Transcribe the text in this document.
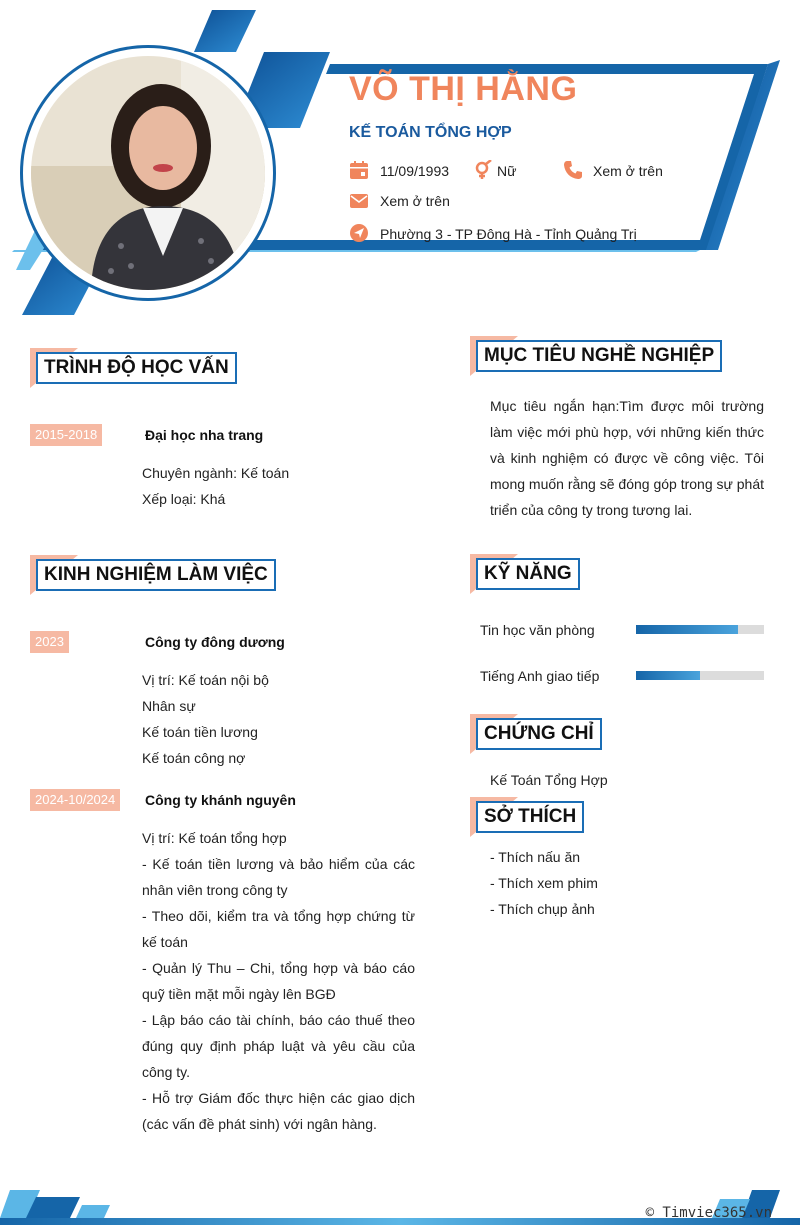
VÕ THỊ HẰNG
KẾ TOÁN TỔNG HỢP
11/09/1993	Nữ	Xem ở trên
Xem ở trên
Phường 3 - TP Đông Hà - Tỉnh Quảng Trị
TRÌNH ĐỘ HỌC VẤN
2015-2018	Đại học nha trang
Chuyên ngành: Kế toán
Xếp loại: Khá
KINH NGHIỆM LÀM VIỆC
2023	Công ty đông dương
Vị trí: Kế toán nội bộ
Nhân sự
Kế toán tiền lương
Kế toán công nợ
2024-10/2024	Công ty khánh nguyên
Vị trí: Kế toán tổng hợp
- Kế toán tiền lương và bảo hiểm của các nhân viên trong công ty
- Theo dõi, kiểm tra và tổng hợp chứng từ kế toán
- Quản lý Thu – Chi, tổng hợp và báo cáo quỹ tiền mặt mỗi ngày lên BGĐ
- Lập báo cáo tài chính, báo cáo thuế theo đúng quy định pháp luật và yêu cầu của công ty.
- Hỗ trợ Giám đốc thực hiện các giao dịch (các vấn đề phát sinh) với ngân hàng.
MỤC TIÊU NGHỀ NGHIỆP
Mục tiêu ngắn hạn:Tìm được môi trường làm việc mới phù hợp, với những kiến thức và kinh nghiệm có được về công việc. Tôi mong muốn rằng sẽ đóng góp trong sự phát triển của công ty trong tương lai.
KỸ NĂNG
Tin học văn phòng
Tiếng Anh giao tiếp
CHỨNG CHỈ
Kế Toán Tổng Hợp
SỞ THÍCH
- Thích nấu ăn
- Thích xem phim
- Thích chụp ảnh
© Timviec365.vn
